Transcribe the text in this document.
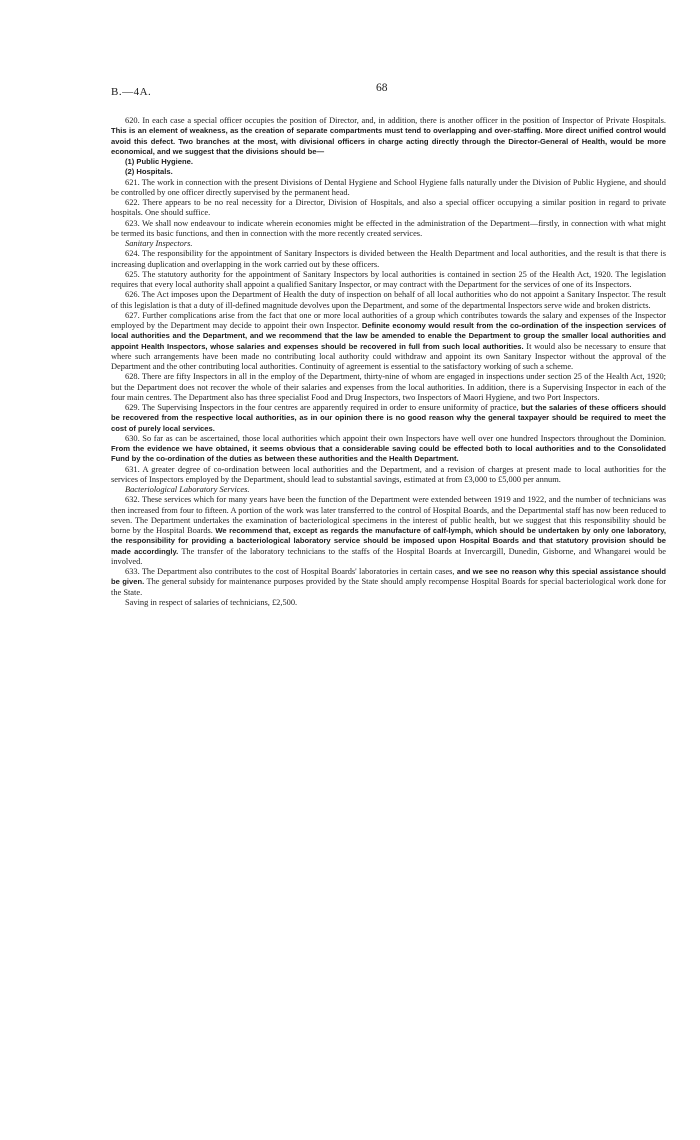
B.—4A.	68

620. In each case a special officer occupies the position of Director, and, in addition, there is another officer in the position of Inspector of Private Hospitals. This is an element of weakness, as the creation of separate compartments must tend to overlapping and over-staffing. More direct unified control would avoid this defect. Two branches at the most, with divisional officers in charge acting directly through the Director-General of Health, would be more economical, and we suggest that the divisions should be—

(1) Public Hygiene.

(2) Hospitals.

621. The work in connection with the present Divisions of Dental Hygiene and School Hygiene falls naturally under the Division of Public Hygiene, and should be controlled by one officer directly supervised by the permanent head.

622. There appears to be no real necessity for a Director, Division of Hospitals, and also a special officer occupying a similar position in regard to private hospitals. One should suffice.

623. We shall now endeavour to indicate wherein economies might be effected in the administration of the Department—firstly, in connection with what might be termed its basic functions, and then in connection with the more recently created services.

Sanitary Inspectors.

624. The responsibility for the appointment of Sanitary Inspectors is divided between the Health Department and local authorities, and the result is that there is increasing duplication and overlapping in the work carried out by these officers.

625. The statutory authority for the appointment of Sanitary Inspectors by local authorities is contained in section 25 of the Health Act, 1920. The legislation requires that every local authority shall appoint a qualified Sanitary Inspector, or may contract with the Department for the services of one of its Inspectors.

626. The Act imposes upon the Department of Health the duty of inspection on behalf of all local authorities who do not appoint a Sanitary Inspector. The result of this legislation is that a duty of ill-defined magnitude devolves upon the Department, and some of the departmental Inspectors serve wide and broken districts.

627. Further complications arise from the fact that one or more local authorities of a group which contributes towards the salary and expenses of the Inspector employed by the Department may decide to appoint their own Inspector. Definite economy would result from the co-ordination of the inspection services of local authorities and the Department, and we recommend that the law be amended to enable the Department to group the smaller local authorities and appoint Health Inspectors, whose salaries and expenses should be recovered in full from such local authorities. It would also be necessary to ensure that where such arrangements have been made no contributing local authority could withdraw and appoint its own Sanitary Inspector without the approval of the Department and the other contributing local authorities. Continuity of agreement is essential to the satisfactory working of such a scheme.

628. There are fifty Inspectors in all in the employ of the Department, thirty-nine of whom are engaged in inspections under section 25 of the Health Act, 1920; but the Department does not recover the whole of their salaries and expenses from the local authorities. In addition, there is a Supervising Inspector in each of the four main centres. The Department also has three specialist Food and Drug Inspectors, two Inspectors of Maori Hygiene, and two Port Inspectors.

629. The Supervising Inspectors in the four centres are apparently required in order to ensure uniformity of practice, but the salaries of these officers should be recovered from the respective local authorities, as in our opinion there is no good reason why the general taxpayer should be required to meet the cost of purely local services.

630. So far as can be ascertained, those local authorities which appoint their own Inspectors have well over one hundred Inspectors throughout the Dominion. From the evidence we have obtained, it seems obvious that a considerable saving could be effected both to local authorities and to the Consolidated Fund by the co-ordination of the duties as between these authorities and the Health Department.

631. A greater degree of co-ordination between local authorities and the Department, and a revision of charges at present made to local authorities for the services of Inspectors employed by the Department, should lead to substantial savings, estimated at from £3,000 to £5,000 per annum.

Bacteriological Laboratory Services.

632. These services which for many years have been the function of the Department were extended between 1919 and 1922, and the number of technicians was then increased from four to fifteen. A portion of the work was later transferred to the control of Hospital Boards, and the Departmental staff has now been reduced to seven. The Department undertakes the examination of bacteriological specimens in the interest of public health, but we suggest that this responsibility should be borne by the Hospital Boards. We recommend that, except as regards the manufacture of calf-lymph, which should be undertaken by only one laboratory, the responsibility for providing a bacteriological laboratory service should be imposed upon Hospital Boards and that statutory provision should be made accordingly. The transfer of the laboratory technicians to the staffs of the Hospital Boards at Invercargill, Dunedin, Gisborne, and Whangarei would be involved.

633. The Department also contributes to the cost of Hospital Boards' laboratories in certain cases, and we see no reason why this special assistance should be given. The general subsidy for maintenance purposes provided by the State should amply recompense Hospital Boards for special bacteriological work done for the State.

Saving in respect of salaries of technicians, £2,500.
